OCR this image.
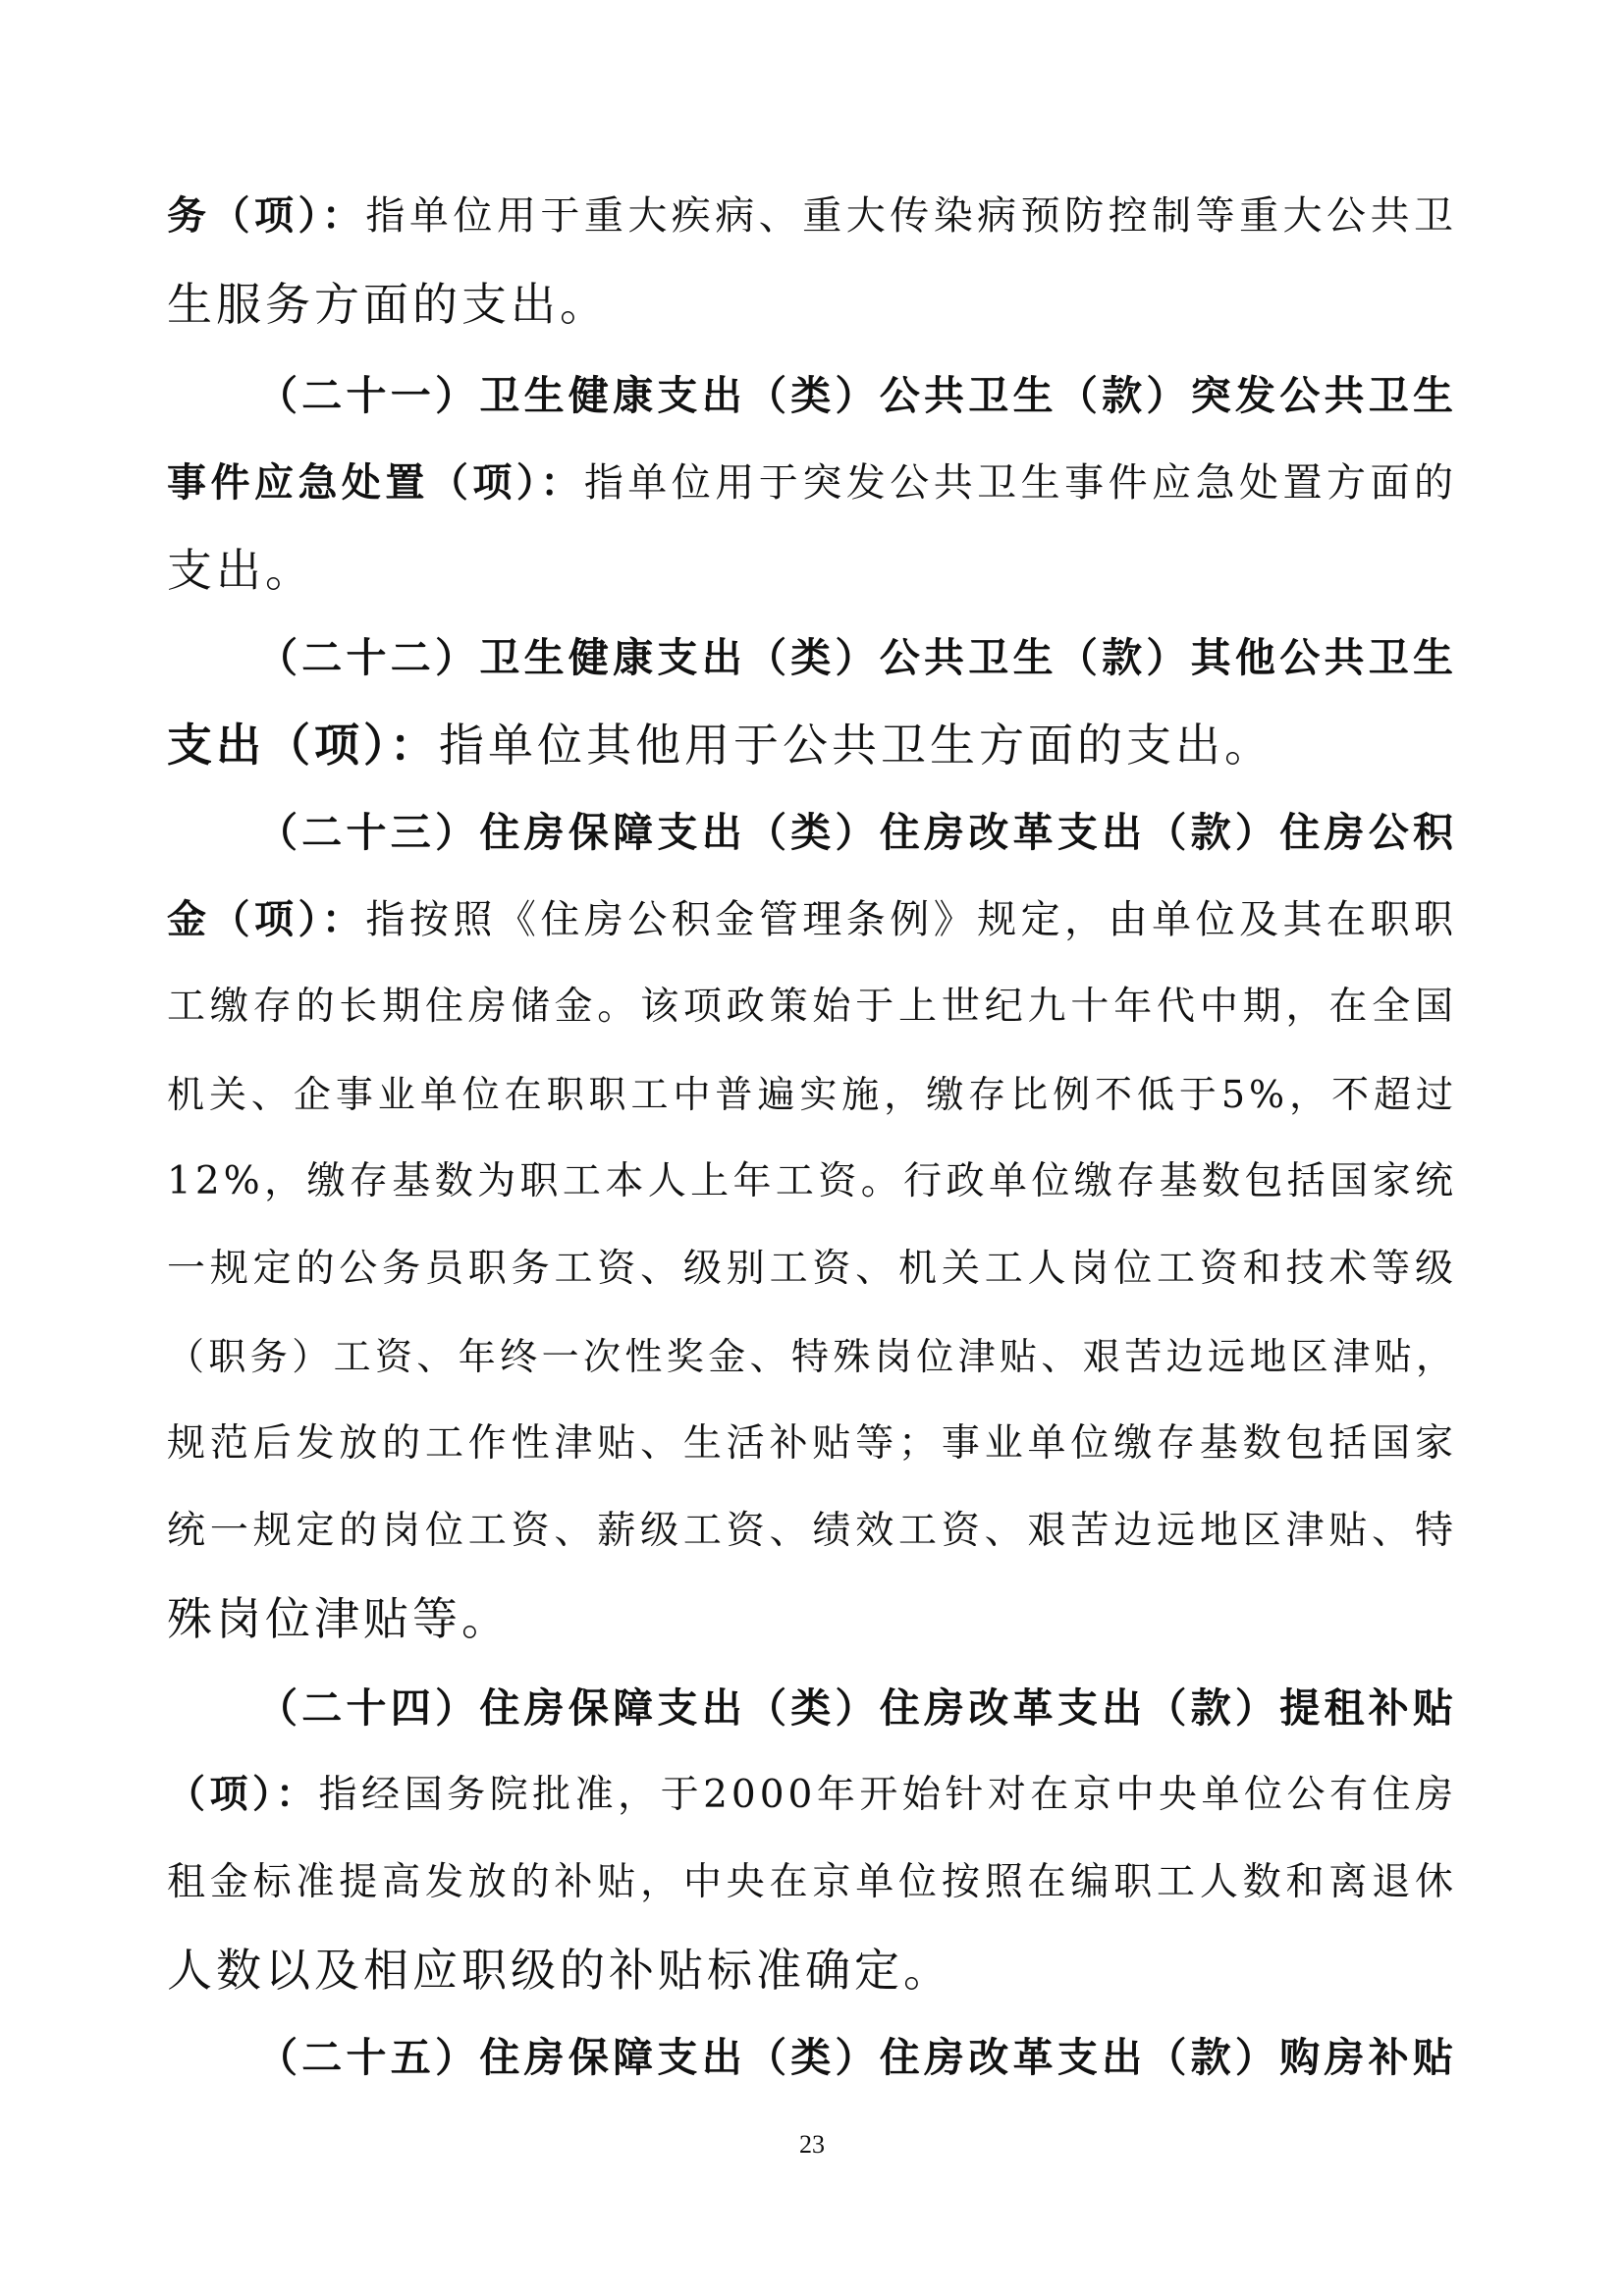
务（项）：指单位用于重大疾病、重大传染病预防控制等重大公共卫
生服务方面的支出。
（二十一）卫生健康支出（类）公共卫生（款）突发公共卫生
事件应急处置（项）：指单位用于突发公共卫生事件应急处置方面的
支出。
（二十二）卫生健康支出（类）公共卫生（款）其他公共卫生
支出（项）：指单位其他用于公共卫生方面的支出。
（二十三）住房保障支出（类）住房改革支出（款）住房公积
金（项）：指按照《住房公积金管理条例》规定，由单位及其在职职
工缴存的长期住房储金。该项政策始于上世纪九十年代中期，在全国
机关、企事业单位在职职工中普遍实施，缴存比例不低于5%，不超过
12%，缴存基数为职工本人上年工资。行政单位缴存基数包括国家统
一规定的公务员职务工资、级别工资、机关工人岗位工资和技术等级
（职务）工资、年终一次性奖金、特殊岗位津贴、艰苦边远地区津贴，
规范后发放的工作性津贴、生活补贴等；事业单位缴存基数包括国家
统一规定的岗位工资、薪级工资、绩效工资、艰苦边远地区津贴、特
殊岗位津贴等。
（二十四）住房保障支出（类）住房改革支出（款）提租补贴
（项）：指经国务院批准，于2000年开始针对在京中央单位公有住房
租金标准提高发放的补贴，中央在京单位按照在编职工人数和离退休
人数以及相应职级的补贴标准确定。
（二十五）住房保障支出（类）住房改革支出（款）购房补贴
23
